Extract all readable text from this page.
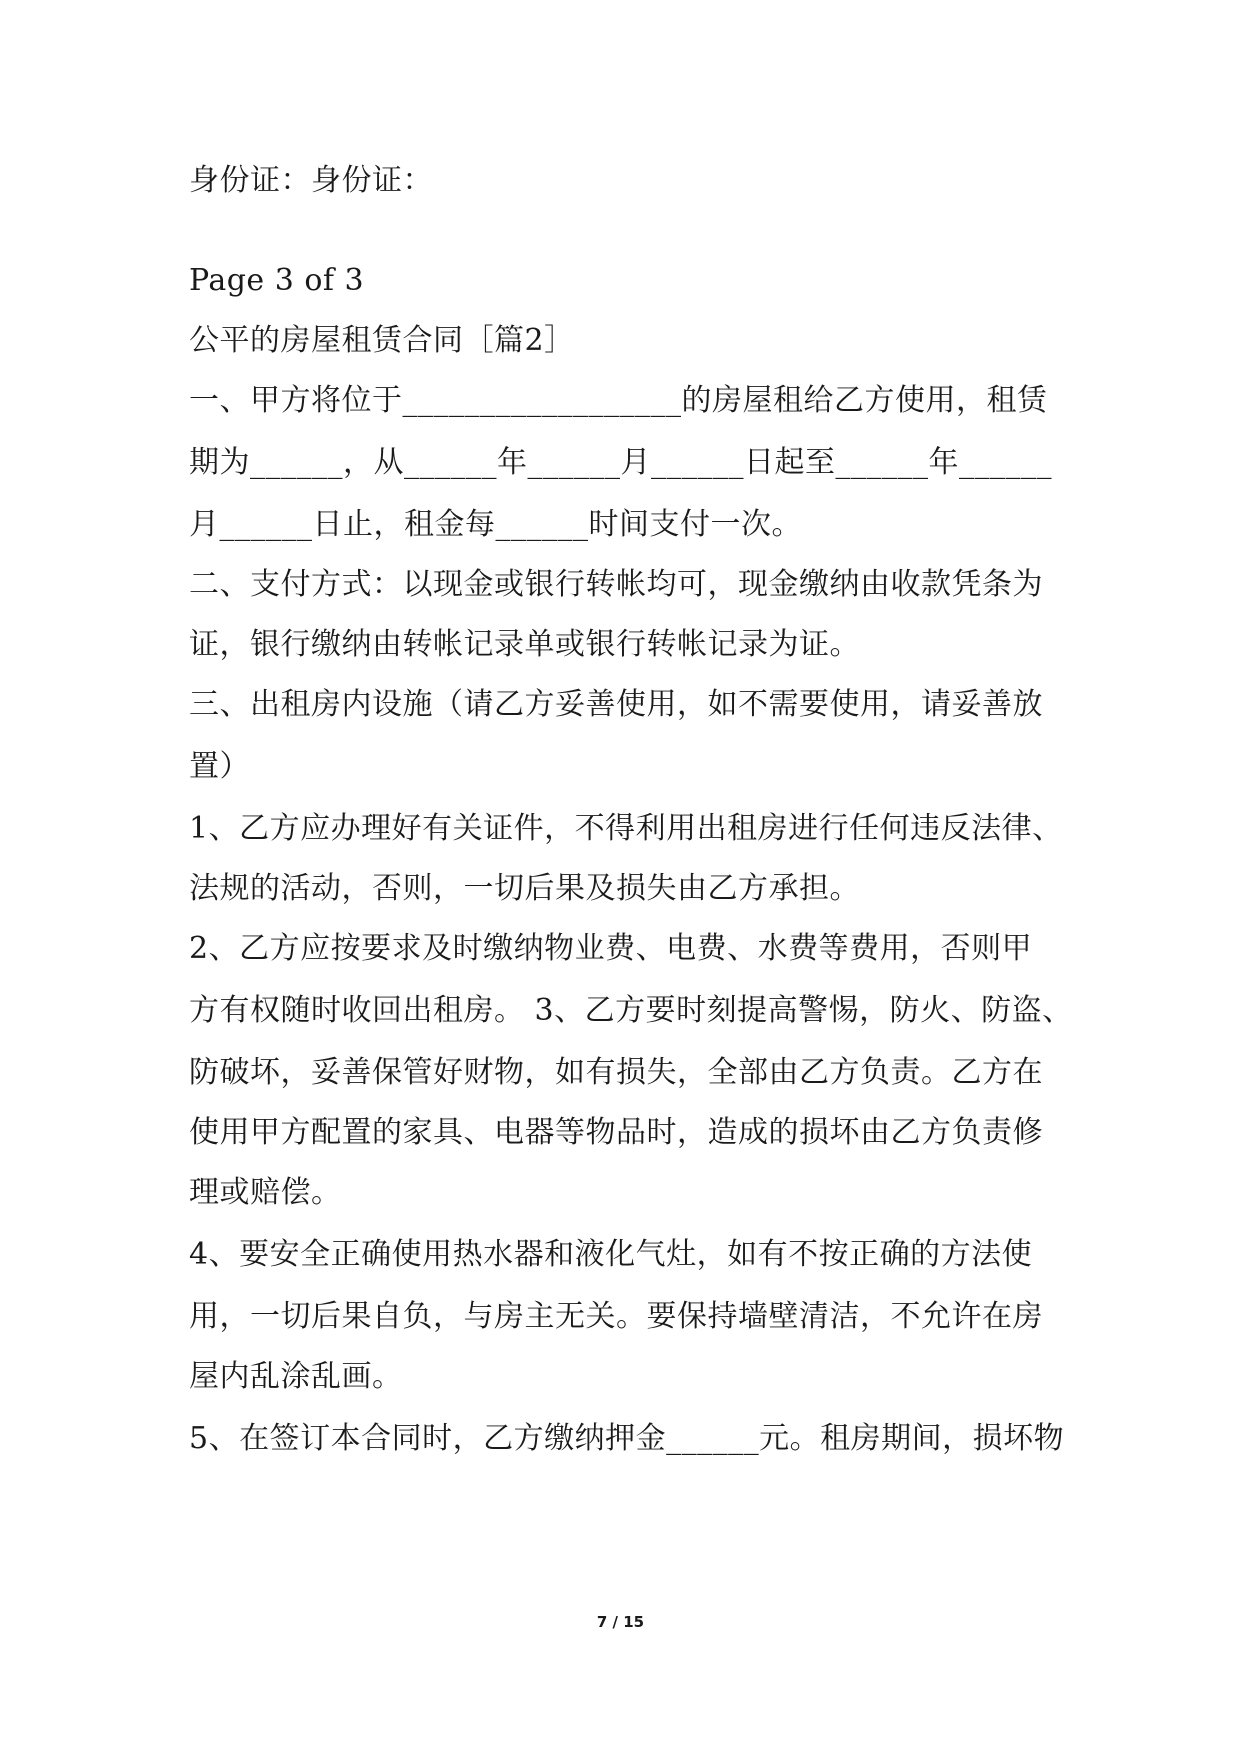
身份证：身份证：
Page 3 of 3
公平的房屋租赁合同［篇2］
一、甲方将位于__________________的房屋租给乙方使用，租赁
期为______，从______年______月______日起至______年______
月______日止，租金每______时间支付一次。
二、支付方式：以现金或银行转帐均可，现金缴纳由收款凭条为
证，银行缴纳由转帐记录单或银行转帐记录为证。
三、出租房内设施（请乙方妥善使用，如不需要使用，请妥善放
置）
1、乙方应办理好有关证件，不得利用出租房进行任何违反法律、
法规的活动，否则，一切后果及损失由乙方承担。
2、乙方应按要求及时缴纳物业费、电费、水费等费用，否则甲
方有权随时收回出租房。 3、乙方要时刻提高警惕，防火、防盗、
防破坏，妥善保管好财物，如有损失，全部由乙方负责。乙方在
使用甲方配置的家具、电器等物品时，造成的损坏由乙方负责修
理或赔偿。
4、要安全正确使用热水器和液化气灶，如有不按正确的方法使
用，一切后果自负，与房主无关。要保持墙壁清洁，不允许在房
屋内乱涂乱画。
5、在签订本合同时，乙方缴纳押金______元。租房期间，损坏物
7 / 15
